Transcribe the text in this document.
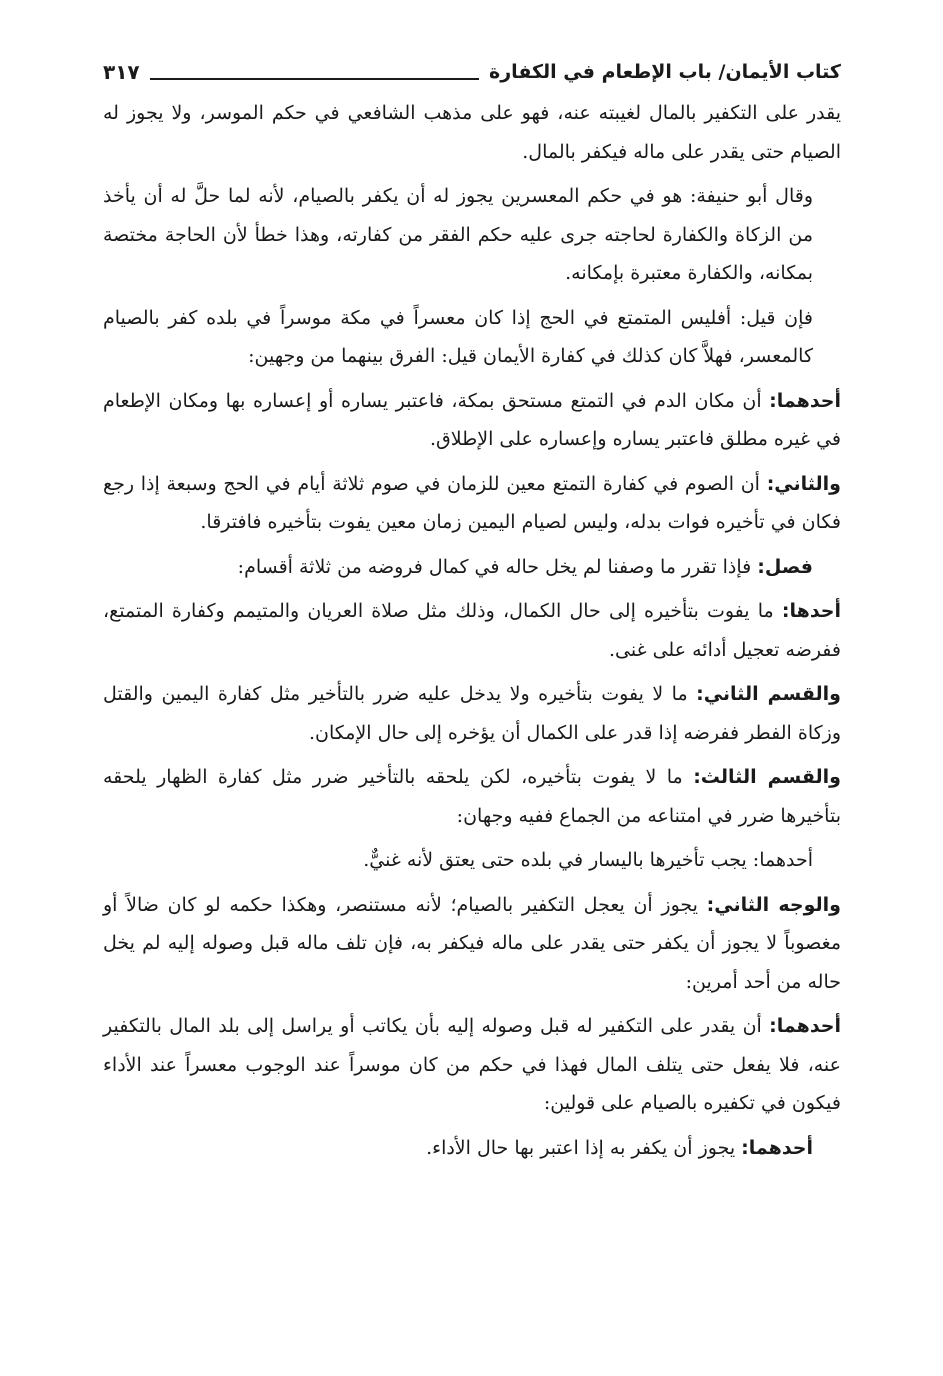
كتاب الأيمان/ باب الإطعام في الكفارة
٣١٧

يقدر على التكفير بالمال لغيبته عنه، فهو على مذهب الشافعي في حكم الموسر، ولا يجوز له الصيام حتى يقدر على ماله فيكفر بالمال.

وقال أبو حنيفة: هو في حكم المعسرين يجوز له أن يكفر بالصيام، لأنه لما حلَّ له أن يأخذ من الزكاة والكفارة لحاجته جرى عليه حكم الفقر من كفارته، وهذا خطأ لأن الحاجة مختصة بمكانه، والكفارة معتبرة بإمكانه.

فإن قيل: أفليس المتمتع في الحج إذا كان معسراً في مكة موسراً في بلده كفر بالصيام كالمعسر، فهلاَّ كان كذلك في كفارة الأيمان قيل: الفرق بينهما من وجهين:

أحدهما: أن مكان الدم في التمتع مستحق بمكة، فاعتبر يساره أو إعساره بها ومكان الإطعام في غيره مطلق فاعتبر يساره وإعساره على الإطلاق.

والثاني: أن الصوم في كفارة التمتع معين للزمان في صوم ثلاثة أيام في الحج وسبعة إذا رجع فكان في تأخيره فوات بدله، وليس لصيام اليمين زمان معين يفوت بتأخيره فافترقا.

فصل: فإذا تقرر ما وصفنا لم يخل حاله في كمال فروضه من ثلاثة أقسام:

أحدها: ما يفوت بتأخيره إلى حال الكمال، وذلك مثل صلاة العريان والمتيمم وكفارة المتمتع، ففرضه تعجيل أدائه على غنى.

والقسم الثاني: ما لا يفوت بتأخيره ولا يدخل عليه ضرر بالتأخير مثل كفارة اليمين والقتل وزكاة الفطر ففرضه إذا قدر على الكمال أن يؤخره إلى حال الإمكان.

والقسم الثالث: ما لا يفوت بتأخيره، لكن يلحقه بالتأخير ضرر مثل كفارة الظهار يلحقه بتأخيرها ضرر في امتناعه من الجماع ففيه وجهان:

أحدهما: يجب تأخيرها باليسار في بلده حتى يعتق لأنه غنيٌّ.

والوجه الثاني: يجوز أن يعجل التكفير بالصيام؛ لأنه مستنصر، وهكذا حكمه لو كان ضالاً أو مغصوباً لا يجوز أن يكفر حتى يقدر على ماله فيكفر به، فإن تلف ماله قبل وصوله إليه لم يخل حاله من أحد أمرين:

أحدهما: أن يقدر على التكفير له قبل وصوله إليه بأن يكاتب أو يراسل إلى بلد المال بالتكفير عنه، فلا يفعل حتى يتلف المال فهذا في حكم من كان موسراً عند الوجوب معسراً عند الأداء فيكون في تكفيره بالصيام على قولين:

أحدهما: يجوز أن يكفر به إذا اعتبر بها حال الأداء.
